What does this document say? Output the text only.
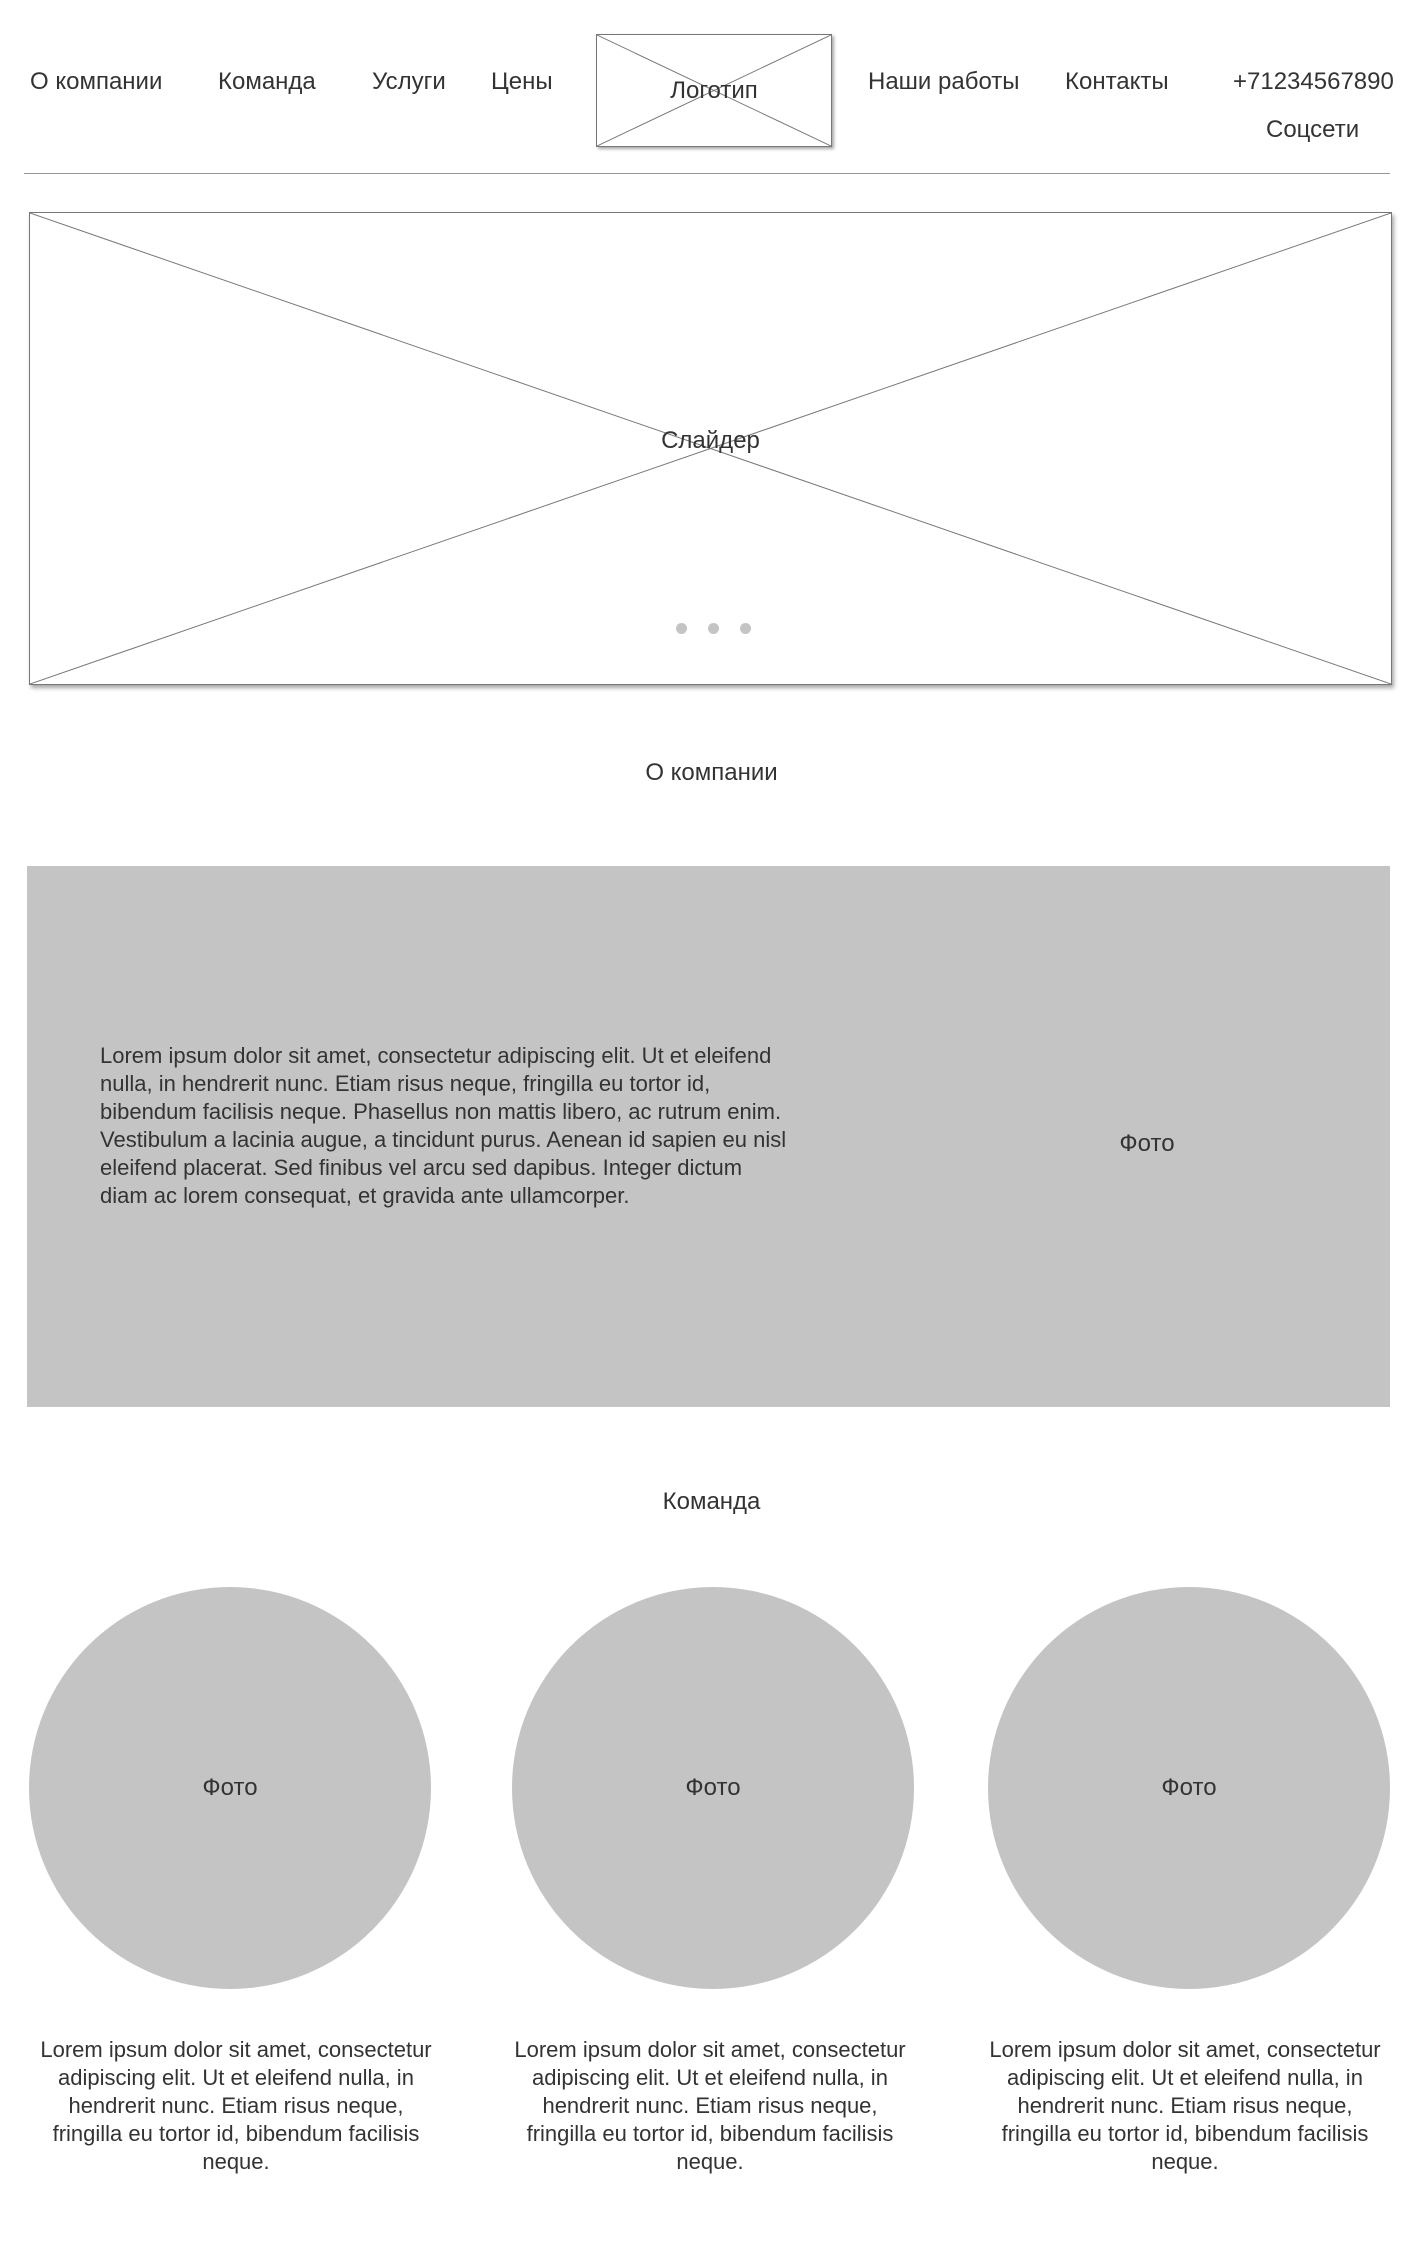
О компании Команда Услуги Цены	Логотип	Наши работы Контакты	+71234567890
Соцсети
Слайдер
О компании

Lorem ipsum dolor sit amet, consectetur adipiscing elit. Ut et eleifend nulla, in hendrerit nunc. Etiam risus neque, fringilla eu tortor id, bibendum facilisis neque. Phasellus non mattis libero, ac rutrum enim. Vestibulum a lacinia augue, a tincidunt purus. Aenean id sapien eu nisl eleifend placerat. Sed finibus vel arcu sed dapibus. Integer dictum diam ac lorem consequat, et gravida ante ullamcorper.

Фото
Команда
Фото	Фото	Фото

Lorem ipsum dolor sit amet, consectetur adipiscing elit. Ut et eleifend nulla, in hendrerit nunc. Etiam risus neque, fringilla eu tortor id, bibendum facilisis neque.

Lorem ipsum dolor sit amet, consectetur adipiscing elit. Ut et eleifend nulla, in hendrerit nunc. Etiam risus neque, fringilla eu tortor id, bibendum facilisis neque.

Lorem ipsum dolor sit amet, consectetur adipiscing elit. Ut et eleifend nulla, in hendrerit nunc. Etiam risus neque, fringilla eu tortor id, bibendum facilisis neque.
